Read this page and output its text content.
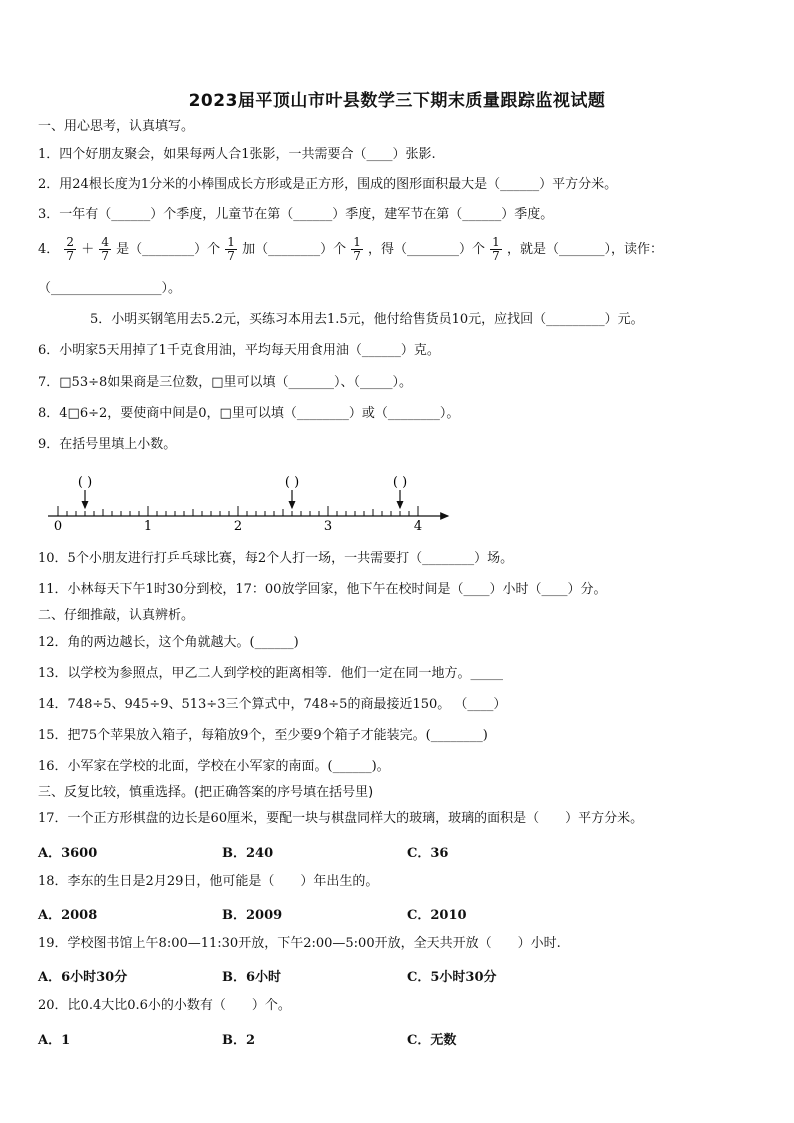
2023届平顶山市叶县数学三下期末质量跟踪监视试题
一、用心思考，认真填写。
1．四个好朋友聚会，如果每两人合1张影，一共需要合（____）张影.
2．用24根长度为1分米的小棒围成长方形或是正方形，围成的图形面积最大是（______）平方分米。
3．一年有（______）个季度，儿童节在第（______）季度，建军节在第（______）季度。
4． $\frac{2}{7} + \frac{4}{7}$ 是（________）个 $\frac{1}{7}$ 加（________）个 $\frac{1}{7}$ ，得（________）个 $\frac{1}{7}$ ，就是（_______），读作：
（_________________）。
5．小明买钢笔用去5.2元，买练习本用去1.5元，他付给售货员10元，应找回（_________）元。
6．小明家5天用掉了1千克食用油，平均每天用食用油（______）克。
7．□53÷8如果商是三位数，□里可以填（_______）、（_____）。
8．4□6÷2，要使商中间是0，□里可以填（________）或（________）。
9．在括号里填上小数。
( )	( )	( )
0	1	2	3	4
10．5个小朋友进行打乒乓球比赛，每2个人打一场，一共需要打（________）场。
11．小林每天下午1时30分到校，17：00放学回家，他下午在校时间是（____）小时（____）分。
二、仔细推敲，认真辨析。
12．角的两边越长，这个角就越大。(______)
13．以学校为参照点，甲乙二人到学校的距离相等．他们一定在同一地方。_____
14．748÷5、945÷9、513÷3三个算式中，748÷5的商最接近150。 （____）
15．把75个苹果放入箱子，每箱放9个，至少要9个箱子才能装完。(________)
16．小军家在学校的北面，学校在小军家的南面。(______)。
三、反复比较，慎重选择。(把正确答案的序号填在括号里)
17．一个正方形棋盘的边长是60厘米，要配一块与棋盘同样大的玻璃，玻璃的面积是（　　）平方分米。
A．3600	B．240	C．36
18．李东的生日是2月29日，他可能是（　　）年出生的。
A．2008	B．2009	C．2010
19．学校图书馆上午8:00—11:30开放，下午2:00—5:00开放，全天共开放（　　）小时.
A．6小时30分	B．6小时	C．5小时30分
20．比0.4大比0.6小的小数有（　　）个。
A．1	B．2	C．无数
